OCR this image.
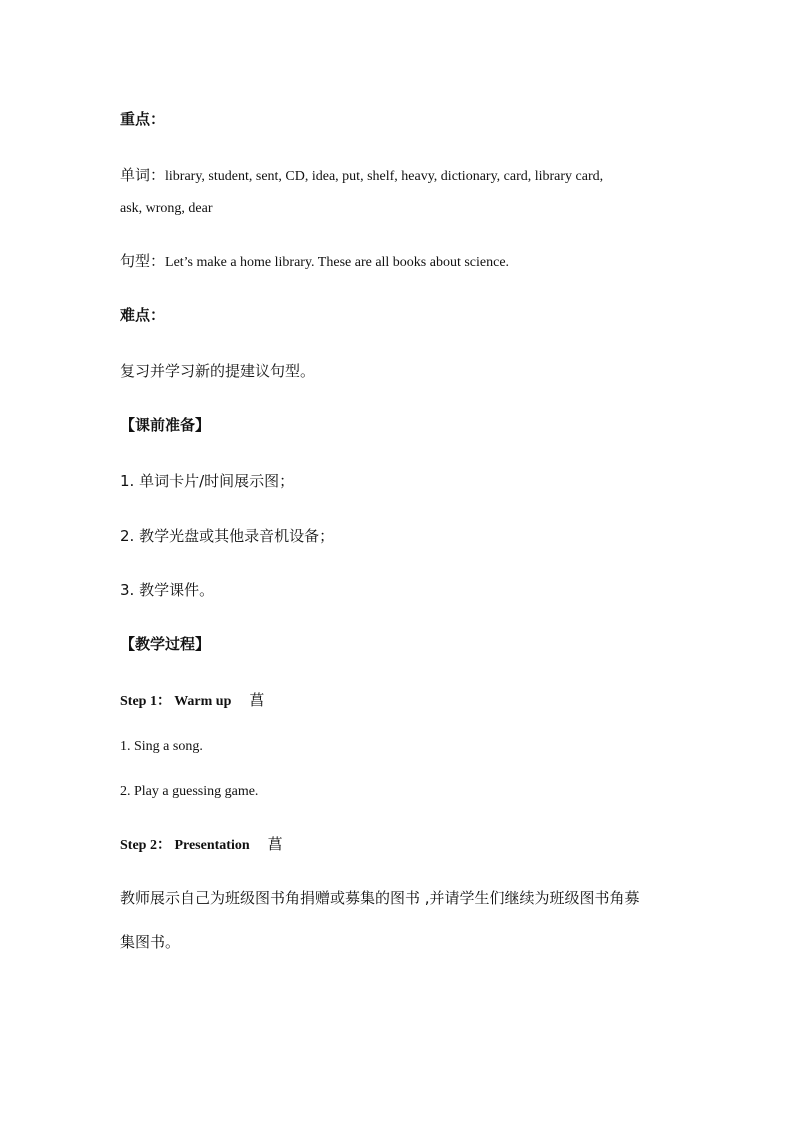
重点：
单词：library, student, sent, CD, idea, put, shelf, heavy, dictionary, card, library card,
ask, wrong, dear
句型：Let’s make a home library. These are all books about science.
难点：
复习并学习新的提建议句型。
【课前准备】
1. 单词卡片/时间展示图；
2. 教学光盘或其他录音机设备；
3. 教学课件。
【教学过程】
Step 1： Warm up 菖
1. Sing a song.
2. Play a guessing game.
Step 2： Presentation 菖
教师展示自己为班级图书角捐赠或募集的图书 ,并请学生们继续为班级图书角募
集图书。
